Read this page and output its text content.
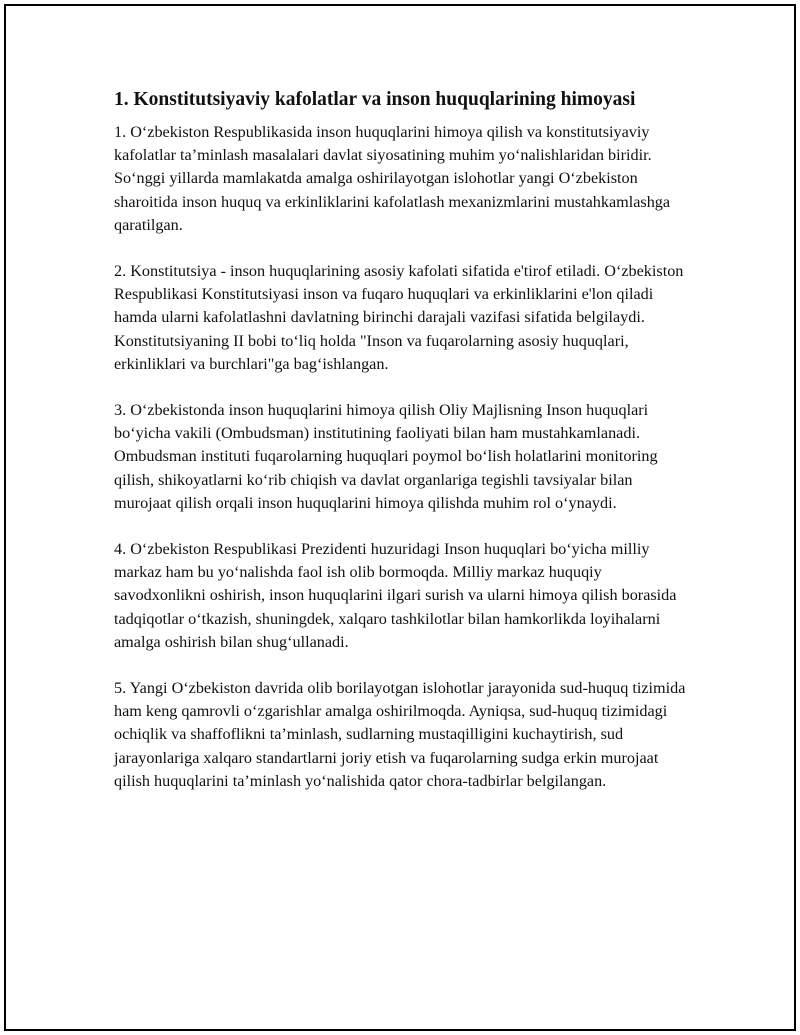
1. Konstitutsiyaviy kafolatlar va inson huquqlarining himoyasi

1. O‘zbekiston Respublikasida inson huquqlarini himoya qilish va konstitutsiyaviy kafolatlar ta’minlash masalalari davlat siyosatining muhim yo‘nalishlaridan biridir. So‘nggi yillarda mamlakatda amalga oshirilayotgan islohotlar yangi O‘zbekiston sharoitida inson huquq va erkinliklarini kafolatlash mexanizmlarini mustahkamlashga qaratilgan.

2. Konstitutsiya - inson huquqlarining asosiy kafolati sifatida e'tirof etiladi. O‘zbekiston Respublikasi Konstitutsiyasi inson va fuqaro huquqlari va erkinliklarini e'lon qiladi hamda ularni kafolatlashni davlatning birinchi darajali vazifasi sifatida belgilaydi. Konstitutsiyaning II bobi to‘liq holda "Inson va fuqarolarning asosiy huquqlari, erkinliklari va burchlari"ga bag‘ishlangan.

3. O‘zbekistonda inson huquqlarini himoya qilish Oliy Majlisning Inson huquqlari bo‘yicha vakili (Ombudsman) institutining faoliyati bilan ham mustahkamlanadi. Ombudsman instituti fuqarolarning huquqlari poymol bo‘lish holatlarini monitoring qilish, shikoyatlarni ko‘rib chiqish va davlat organlariga tegishli tavsiyalar bilan murojaat qilish orqali inson huquqlarini himoya qilishda muhim rol o‘ynaydi.

4. O‘zbekiston Respublikasi Prezidenti huzuridagi Inson huquqlari bo‘yicha milliy markaz ham bu yo‘nalishda faol ish olib bormoqda. Milliy markaz huquqiy savodxonlikni oshirish, inson huquqlarini ilgari surish va ularni himoya qilish borasida tadqiqotlar o‘tkazish, shuningdek, xalqaro tashkilotlar bilan hamkorlikda loyihalarni amalga oshirish bilan shug‘ullanadi.

5. Yangi O‘zbekiston davrida olib borilayotgan islohotlar jarayonida sud-huquq tizimida ham keng qamrovli o‘zgarishlar amalga oshirilmoqda. Ayniqsa, sud-huquq tizimidagi ochiqlik va shaffoflikni ta’minlash, sudlarning mustaqilligini kuchaytirish, sud jarayonlariga xalqaro standartlarni joriy etish va fuqarolarning sudga erkin murojaat qilish huquqlarini ta’minlash yo‘nalishida qator chora-tadbirlar belgilangan.
